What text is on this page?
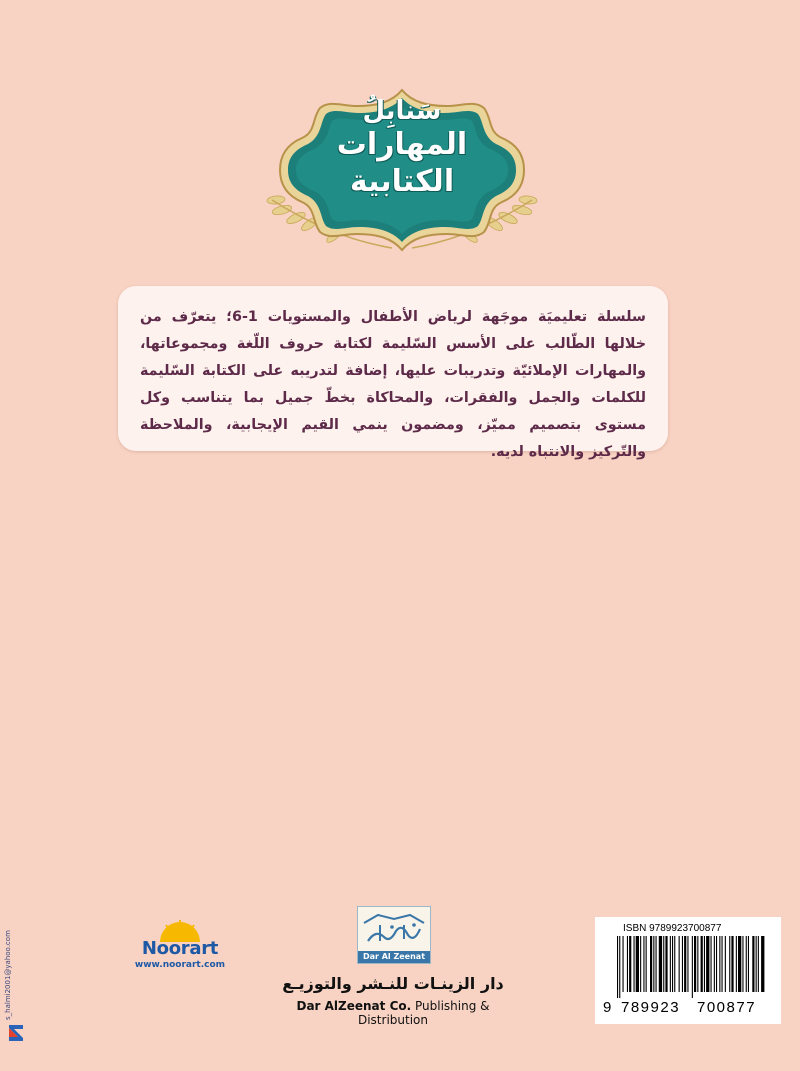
سَنابِلُ
المهارات
الكتابية

سلسلة تعليميَة موجَهة لرياض الأطفال والمستويات 1-6؛ يتعرّف من خلالها الطّالب على الأسس السّليمة لكتابة حروف اللّغة ومجموعاتها، والمهارات الإملائيّة وتدريبات عليها، إضافة لتدريبه على الكتابة السّليمة للكلمات والجمل والفقرات، والمحاكاة بخطّ جميل بما يتناسب وكل مستوى بتصميم مميّز، ومضمون ينمي القيم الإيجابية، والملاحظة والتّركيز والانتباه لديه.

s_halmi2001@yahoo.com	Noorart
www.noorart.com
Dar Al Zeenat
دار الزينـات للنـشر والتوزيـع
Dar AlZeenat Co. Publishing & Distribution
ISBN 9789923700877
9 789923	700877
